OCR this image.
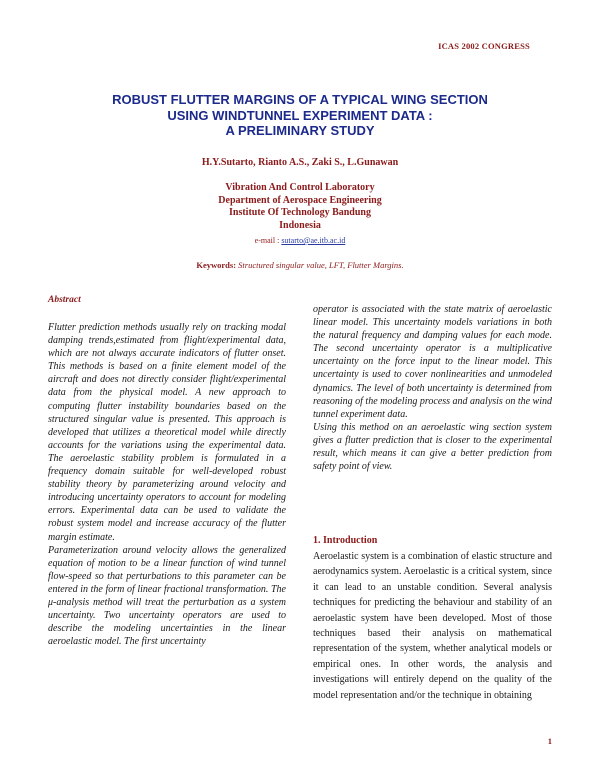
ICAS 2002 CONGRESS
ROBUST FLUTTER MARGINS OF A TYPICAL WING SECTION
USING WINDTUNNEL EXPERIMENT DATA :
A PRELIMINARY STUDY
H.Y.Sutarto, Rianto A.S., Zaki S., L.Gunawan
Vibration And Control Laboratory
Department of Aerospace Engineering
Institute Of Technology Bandung
Indonesia
e-mail : sutarto@ae.itb.ac.id
Keywords: Structured singular value, LFT, Flutter Margins.
Abstract

Flutter prediction methods usually rely on tracking modal damping trends,estimated from flight/experimental data, which are not always accurate indicators of flutter onset. This methods is based on a finite element model of the aircraft and does not directly consider flight/experimental data from the physical model. A new approach to computing flutter instability boundaries based on the structured singular value is presented. This approach is developed that utilizes a theoretical model while directly accounts for the variations using the experimental data. The aeroelastic stability problem is formulated in a frequency domain suitable for well-developed robust stability theory by parameterizing around velocity and introducing uncertainty operators to account for modeling errors. Experimental data can be used to validate the robust system model and increase accuracy of the flutter margin estimate.

Parameterization around velocity allows the generalized equation of motion to be a linear function of wind tunnel flow-speed so that perturbations to this parameter can be entered in the form of linear fractional transformation. The μ-analysis method will treat the perturbation as a system uncertainty. Two uncertainty operators are used to describe the modeling uncertainties in the linear aeroelastic model. The first uncertainty

operator is associated with the state matrix of aeroelastic linear model. This uncertainty models variations in both the natural frequency and damping values for each mode. The second uncertainty operator is a multiplicative uncertainty on the force input to the linear model. This uncertainty is used to cover nonlinearities and unmodeled dynamics. The level of both uncertainty is determined from reasoning of the modeling process and analysis on the wind tunnel experiment data.

Using this method on an aeroelastic wing section system gives a flutter prediction that is closer to the experimental result, which means it can give a better prediction from safety point of view.

1. Introduction

Aeroelastic system is a combination of elastic structure and aerodynamics system. Aeroelastic is a critical system, since it can lead to an unstable condition. Several analysis techniques for predicting the behaviour and stability of an aeroelastic system have been developed. Most of those techniques based their analysis on mathematical representation of the system, whether analytical models or empirical ones. In other words, the analysis and investigations will entirely depend on the quality of the model representation and/or the technique in obtaining

1
